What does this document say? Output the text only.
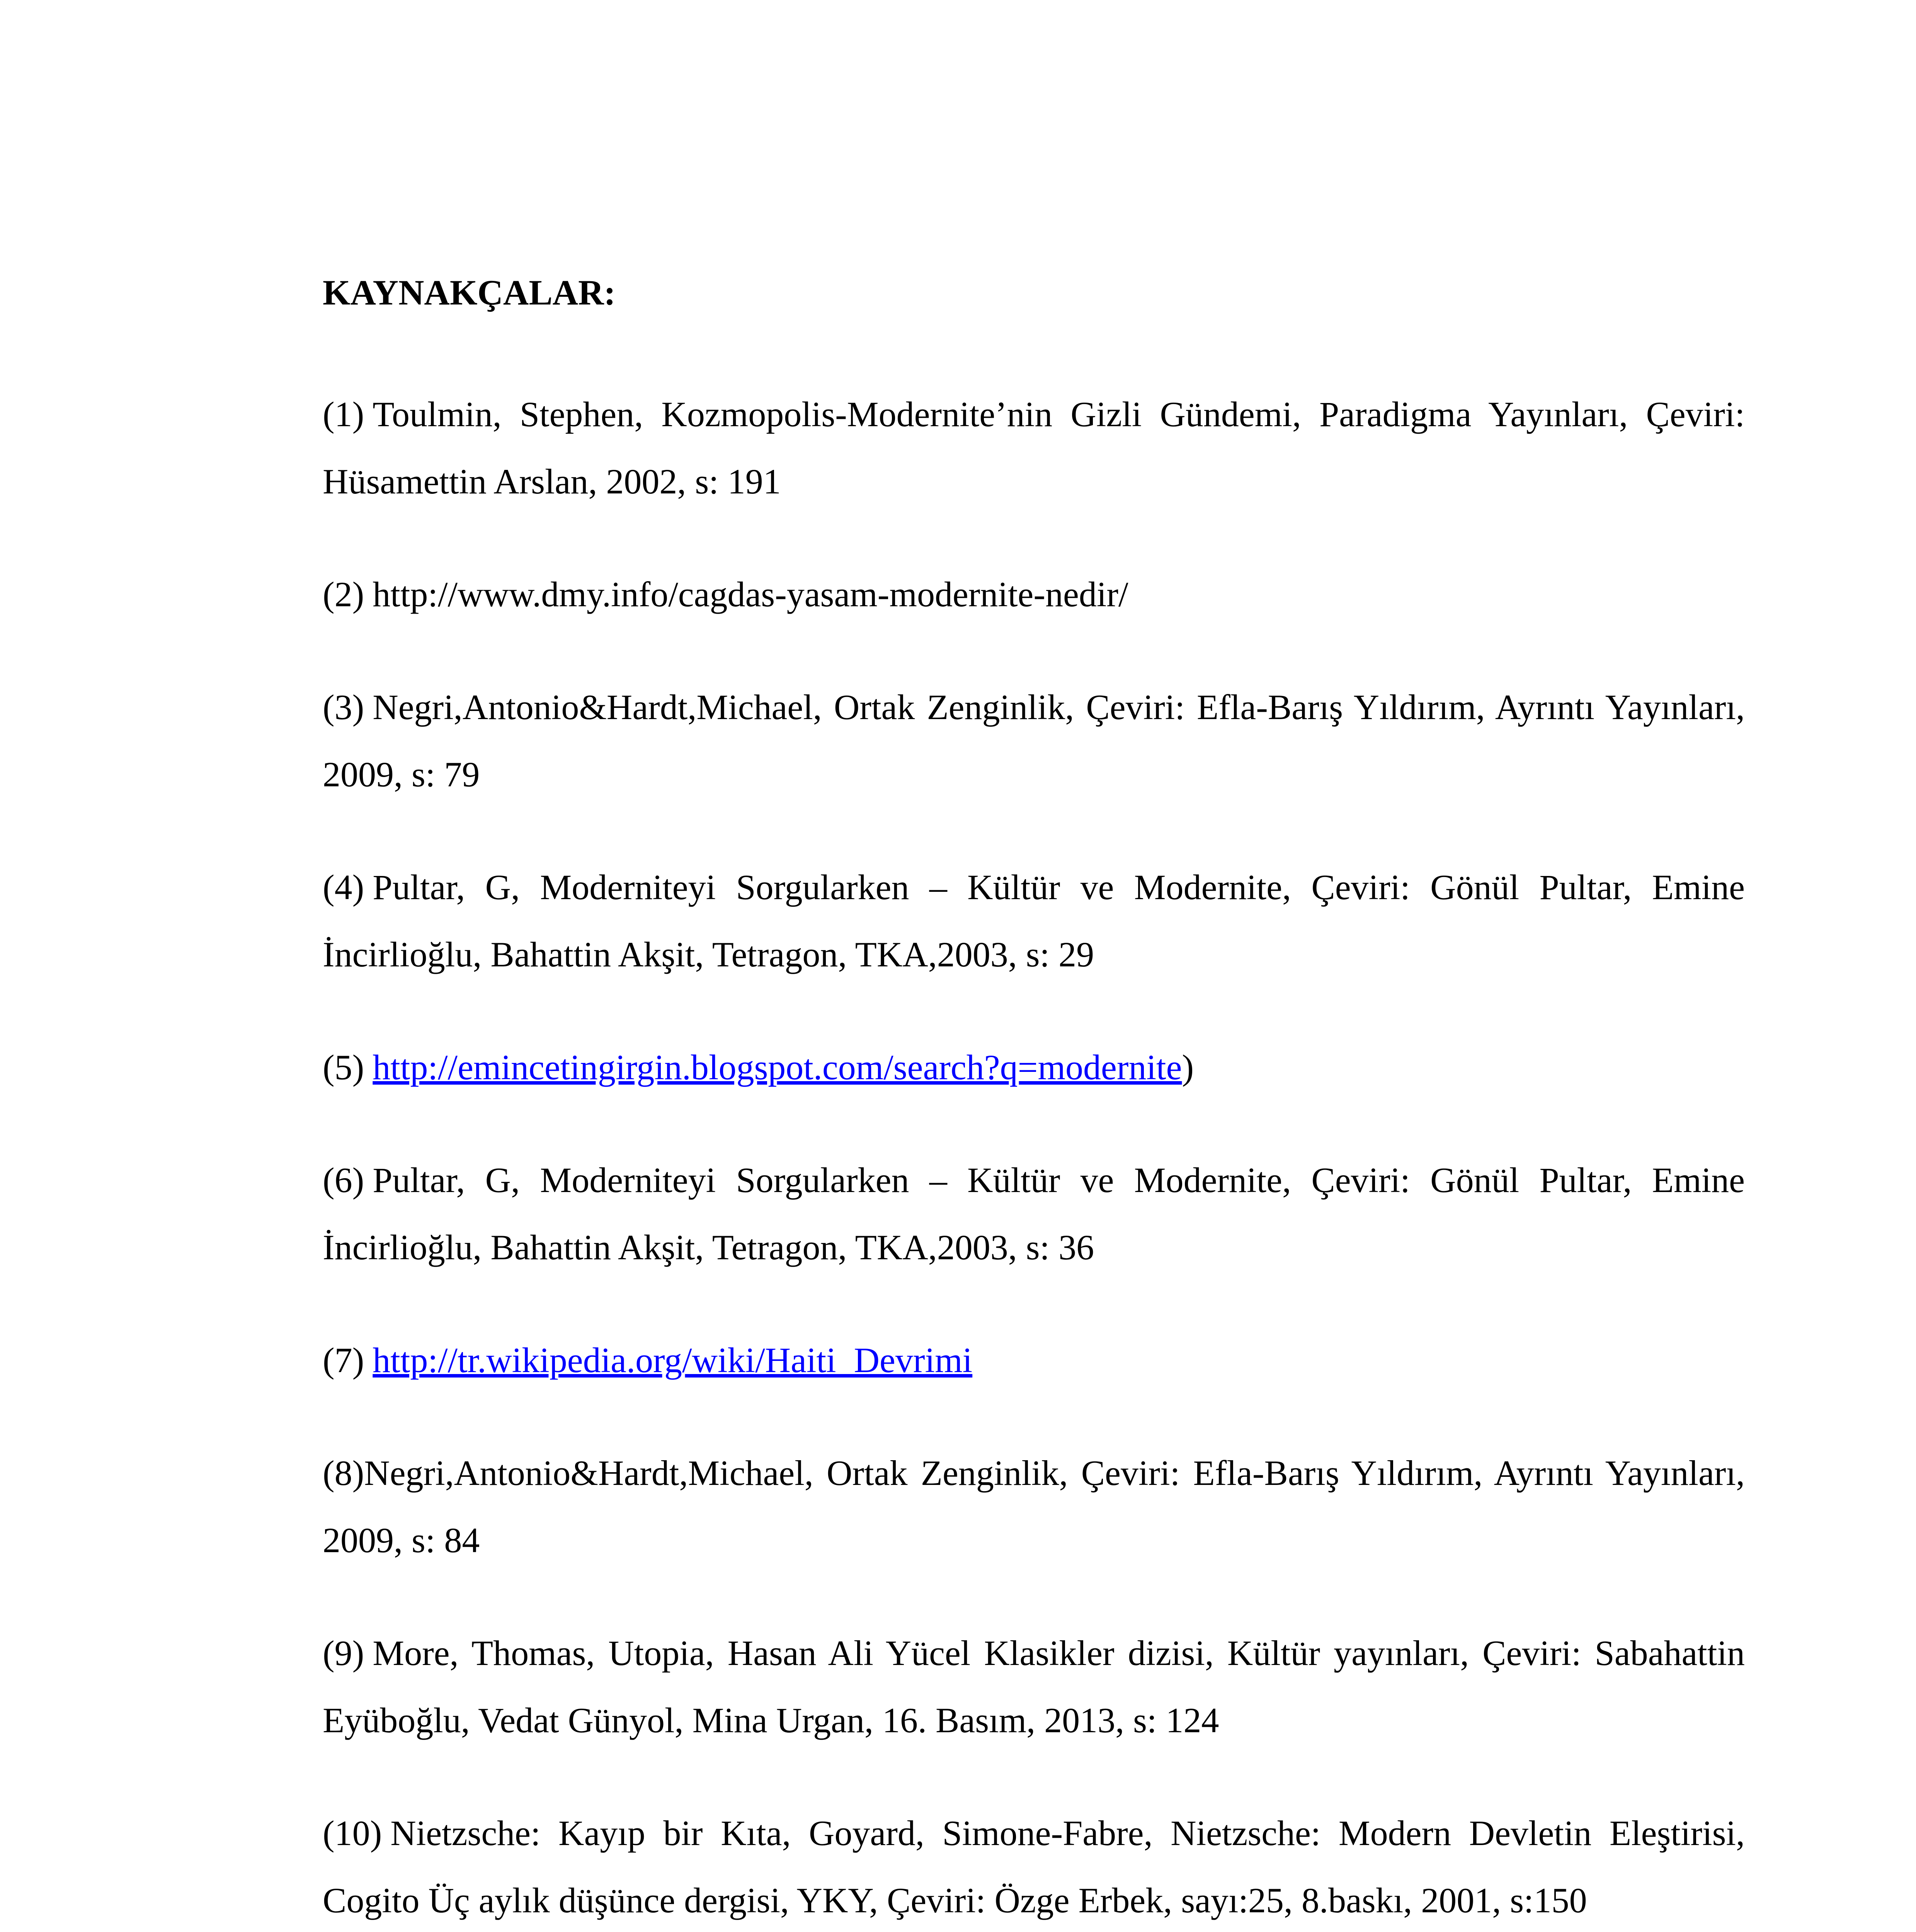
KAYNAKÇALAR:

(1) Toulmin, Stephen, Kozmopolis-Modernite’nin Gizli Gündemi, Paradigma Yayınları, Çeviri: Hüsamettin Arslan, 2002, s: 191

(2) http://www.dmy.info/cagdas-yasam-modernite-nedir/

(3) Negri,Antonio&Hardt,Michael, Ortak Zenginlik, Çeviri: Efla-Barış Yıldırım, Ayrıntı Yayınları, 2009, s: 79

(4) Pultar, G, Moderniteyi Sorgularken – Kültür ve Modernite, Çeviri: Gönül Pultar, Emine İncirlioğlu, Bahattin Akşit, Tetragon, TKA,2003, s: 29

(5) http://emincetingirgin.blogspot.com/search?q=modernite)

(6) Pultar, G, Moderniteyi Sorgularken – Kültür ve Modernite, Çeviri: Gönül Pultar, Emine İncirlioğlu, Bahattin Akşit, Tetragon, TKA,2003, s: 36

(7) http://tr.wikipedia.org/wiki/Haiti_Devrimi

(8)Negri,Antonio&Hardt,Michael, Ortak Zenginlik, Çeviri: Efla-Barış Yıldırım, Ayrıntı Yayınları, 2009, s: 84

(9) More, Thomas, Utopia, Hasan Ali Yücel Klasikler dizisi, Kültür yayınları, Çeviri: Sabahattin Eyüboğlu, Vedat Günyol, Mina Urgan, 16. Basım, 2013, s: 124

(10) Nietzsche: Kayıp bir Kıta, Goyard, Simone-Fabre, Nietzsche: Modern Devletin Eleştirisi, Cogito Üç aylık düşünce dergisi, YKY, Çeviri: Özge Erbek, sayı:25, 8.baskı, 2001, s:150
